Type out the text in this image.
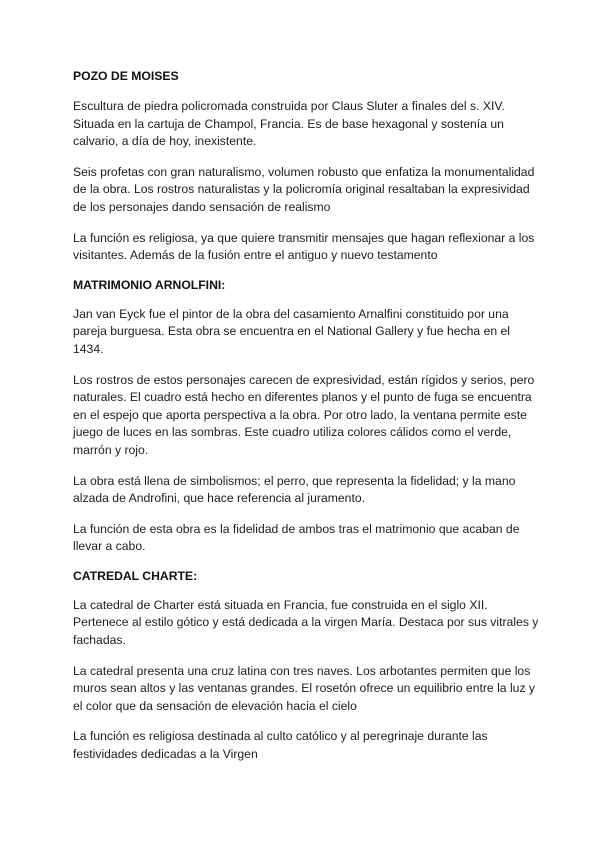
POZO DE MOISES

Escultura de piedra policromada construida por Claus Sluter a finales del s. XIV. Situada en la cartuja de Champol, Francia. Es de base hexagonal y sostenía un calvario, a día de hoy, inexistente.

Seis profetas con gran naturalismo, volumen robusto que enfatiza la monumentalidad de la obra. Los rostros naturalistas y la policromía original resaltaban la expresividad de los personajes dando sensación de realismo

La función es religiosa, ya que quiere transmitir mensajes que hagan reflexionar a los visitantes. Además de la fusión entre el antiguo y nuevo testamento

MATRIMONIO ARNOLFINI:

Jan van Eyck fue el pintor de la obra del casamiento Arnalfini constituido por una pareja burguesa. Esta obra se encuentra en el National Gallery y fue hecha en el 1434.

Los rostros de estos personajes carecen de expresividad, están rígidos y serios, pero naturales. El cuadro está hecho en diferentes planos y el punto de fuga se encuentra en el espejo que aporta perspectiva a la obra. Por otro lado, la ventana permite este juego de luces en las sombras. Este cuadro utiliza colores cálidos como el verde, marrón y rojo.

La obra está llena de simbolismos; el perro, que representa la fidelidad; y la mano alzada de Androfini, que hace referencia al juramento.

La función de esta obra es la fidelidad de ambos tras el matrimonio que acaban de llevar a cabo.

CATREDAL CHARTE:

La catedral de Charter está situada en Francia, fue construida en el siglo XII. Pertenece al estilo gótico y está dedicada a la virgen María. Destaca por sus vitrales y fachadas.

La catedral presenta una cruz latina con tres naves. Los arbotantes permiten que los muros sean altos y las ventanas grandes. El rosetón ofrece un equilibrio entre la luz y el color que da sensación de elevación hacia el cielo

La función es religiosa destinada al culto católico y al peregrinaje durante las festividades dedicadas a la Virgen
